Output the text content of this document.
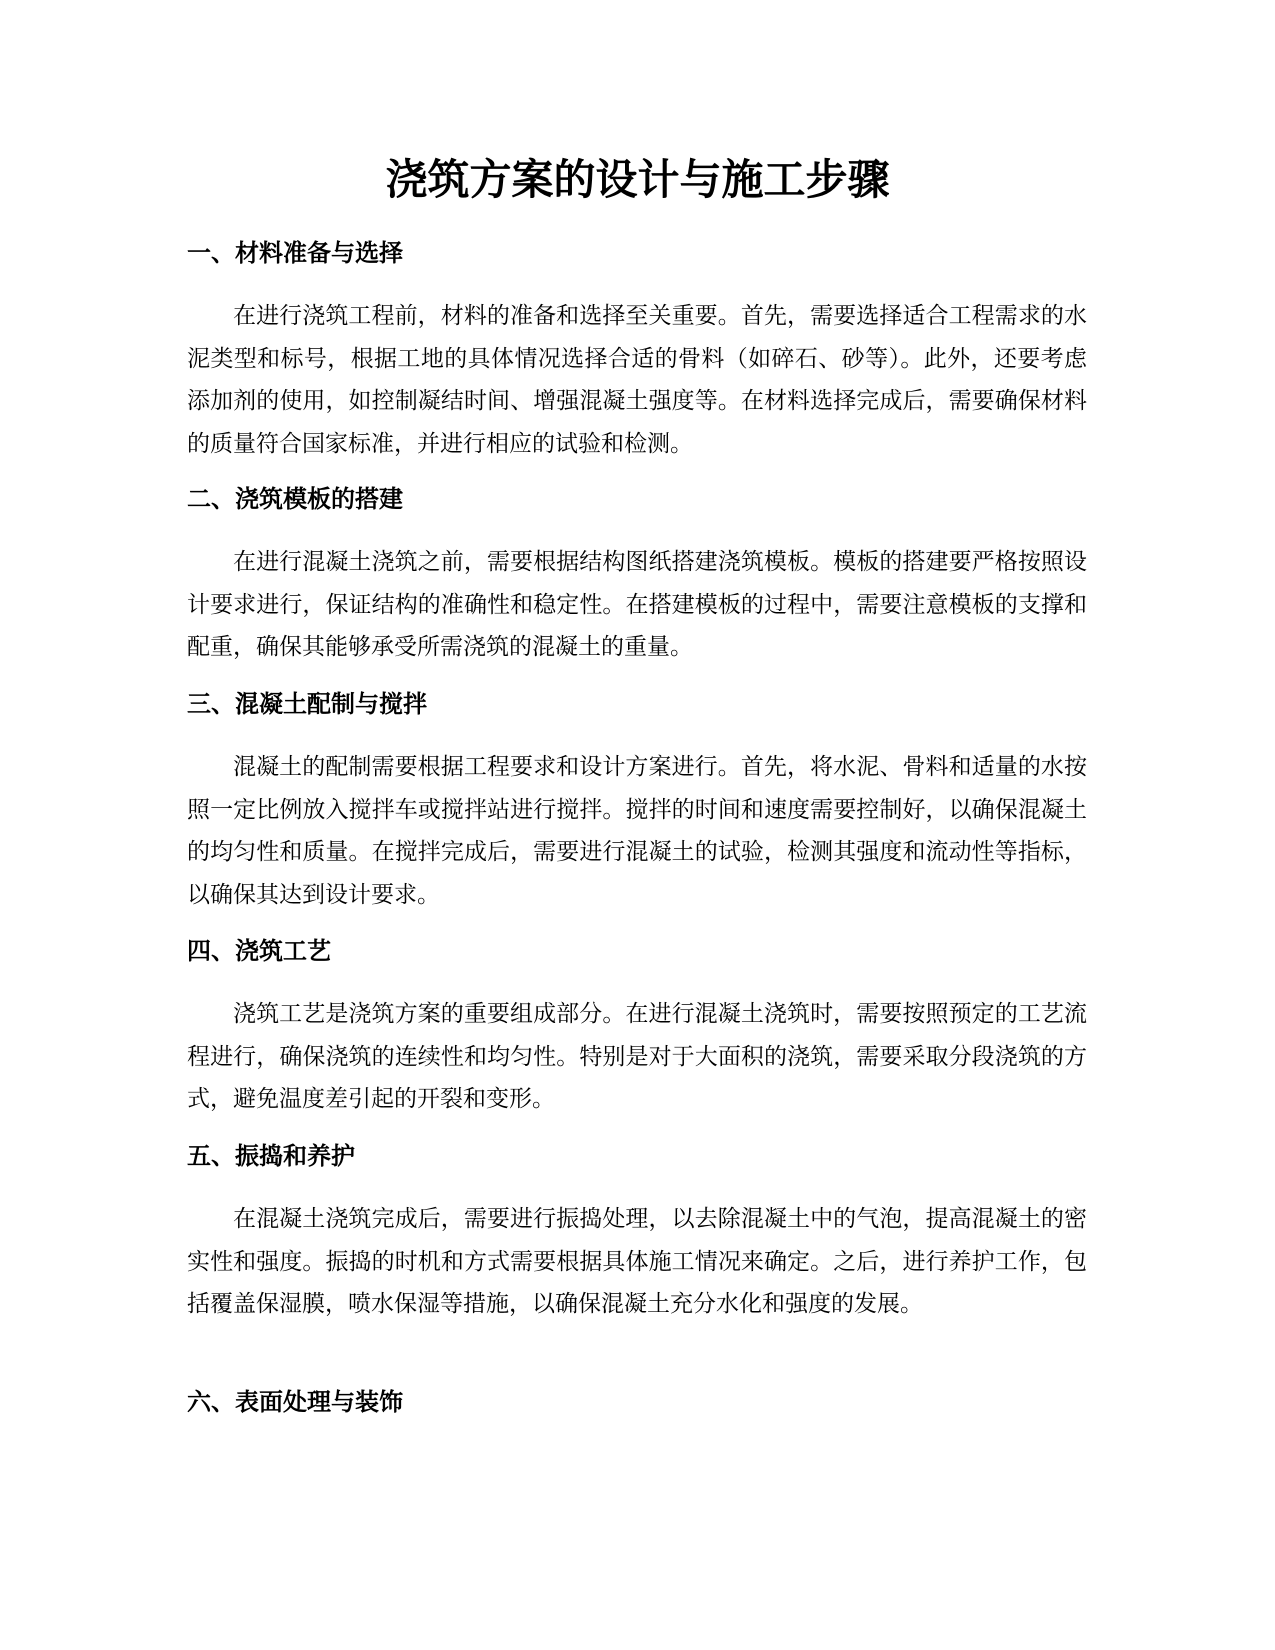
浇筑方案的设计与施工步骤
一、材料准备与选择

在进行浇筑工程前，材料的准备和选择至关重要。首先，需要选择适合工程需求的水泥类型和标号，根据工地的具体情况选择合适的骨料（如碎石、砂等）。此外，还要考虑添加剂的使用，如控制凝结时间、增强混凝土强度等。在材料选择完成后，需要确保材料的质量符合国家标准，并进行相应的试验和检测。

二、浇筑模板的搭建

在进行混凝土浇筑之前，需要根据结构图纸搭建浇筑模板。模板的搭建要严格按照设计要求进行，保证结构的准确性和稳定性。在搭建模板的过程中，需要注意模板的支撑和配重，确保其能够承受所需浇筑的混凝土的重量。

三、混凝土配制与搅拌

混凝土的配制需要根据工程要求和设计方案进行。首先，将水泥、骨料和适量的水按照一定比例放入搅拌车或搅拌站进行搅拌。搅拌的时间和速度需要控制好，以确保混凝土的均匀性和质量。在搅拌完成后，需要进行混凝土的试验，检测其强度和流动性等指标，以确保其达到设计要求。

四、浇筑工艺

浇筑工艺是浇筑方案的重要组成部分。在进行混凝土浇筑时，需要按照预定的工艺流程进行，确保浇筑的连续性和均匀性。特别是对于大面积的浇筑，需要采取分段浇筑的方式，避免温度差引起的开裂和变形。

五、振捣和养护

在混凝土浇筑完成后，需要进行振捣处理，以去除混凝土中的气泡，提高混凝土的密实性和强度。振捣的时机和方式需要根据具体施工情况来确定。之后，进行养护工作，包括覆盖保湿膜，喷水保湿等措施，以确保混凝土充分水化和强度的发展。

六、表面处理与装饰
